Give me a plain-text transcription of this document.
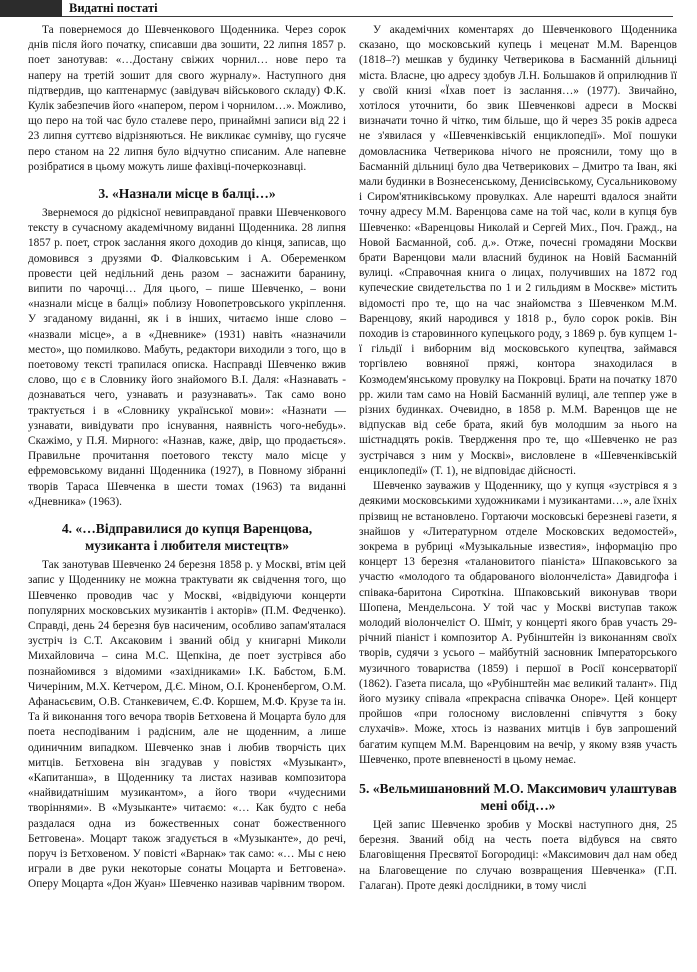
Видатні постаті

Та повернемося до Шевченкового Щоденника. Через сорок днів після його початку, списавши два зошити, 22 липня 1857 р. поет занотував: «…Достану свіжих чорнил… нове перо та наперу на третій зошит для свого журналу». Наступного дня підтвердив, що каптенармус (завідувач військового складу) Ф.К. Кулік забезпечив його «напером, пером і чорнилом…». Можливо, що перо на той час було сталеве перо, принаймні записи від 22 і 23 липня суттєво відрізняються. Не викликає сумніву, що гусяче перо станом на 22 липня було відчутно списаним. Але напевне розібратися в цьому можуть лише фахівці-почеркознавці.

3. «Назнали місце в балці…»

Звернемося до рідкісної невиправданої правки Шевченкового тексту в сучасному академічному виданні Щоденника. 28 липня 1857 р. поет, строк заслання якого доходив до кінця, записав, що домовився з друзями Ф. Фіалковським і А. Обеременком провести цей недільний день разом – заснажити баранину, випити по чарочці… Для цього, – пише Шевченко, – вони «назнали місце в балці» поблизу Новопетровського укріплення. У згаданому виданні, як і в інших, читаємо інше слово – «назвали місце», а в «Дневнике» (1931) навіть «назначили место», що помилково. Мабуть, редактори виходили з того, що в поетовому тексті трапилася описка. Насправді Шевченко вжив слово, що є в Словнику його знайомого В.І. Даля: «Назнавать - дознаваться чего, узнавать и разузнавать». Так само воно трактується і в «Словнику української мови»: «Назнати — узнавати, вивідувати про існування, наявність чого-небудь». Скажімо, у П.Я. Мирного: «Назнав, каже, двір, що продається». Правильне прочитання поетового тексту мало місце у ефремовському виданні Щоденника (1927), в Повному зібранні творів Тараса Шевченка в шести томах (1963) та виданні «Дневника» (1963).

4. «…Відправилися до купця Варенцова, музиканта і любителя мистецтв»

Так занотував Шевченко 24 березня 1858 р. у Москві, втім цей запис у Щоденнику не можна трактувати як свідчення того, що Шевченко проводив час у Москві, «відвідуючи концерти популярних московських музикантів і акторів» (П.М. Федченко). Справді, день 24 березня був насиченим, особливо запам'яталася зустріч із С.Т. Аксаковим і званий обід у книгарні Миколи Михайловича – сина М.С. Щепкіна, де поет зустрівся або познайомився з відомими «західниками» І.К. Бабстом, Б.М. Чичеріним, М.Х. Кетчером, Д.Є. Міном, О.І. Кроненбергом, О.М. Афанасьєвим, О.В. Станкевичем, Є.Ф. Коршем, М.Ф. Крузе та ін. Та й виконання того вечора творів Бетховена й Моцарта було для поета несподіваним і радісним, але не щоденним, а лише одиничним випадком. Шевченко знав і любив творчість цих митців. Бетховена він згадував у повістях «Музыкант», «Капитанша», в Щоденнику та листах називав композитора «найвидатнішим музикантом», а його твори «чудесними творіннями». В «Музыканте» читаємо: «… Как будто с неба раздалася одна из божественных сонат божественного Бетговена». Моцарт також згадується в «Музыканте», до речі, поруч із Бетховеном. У повісті «Варнак» так само: «… Мы с нею играли в две руки некоторые сонаты Моцарта и Бетговена». Оперу Моцарта «Дон Жуан» Шевченко називав чарівним твором.

У академічних коментарях до Шевченкового Щоденника сказано, що московський купець і меценат М.М. Варенцов (1818–?) мешкав у будинку Четверикова в Басманній дільниці міста. Власне, цю адресу здобув Л.Н. Большаков й оприлюднив її у своїй книзі «Їхав поет із заслання…» (1977). Звичайно, хотілося уточнити, бо звик Шевченкові адреси в Москві визначати точно й чітко, тим більше, що й через 35 років адреса не з'явилася у «Шевченківській енциклопедії». Мої пошуки домовласника Четверикова нічого не прояснили, тому що в Басманній дільниці було два Четверикових – Дмитро та Іван, які мали будинки в Вознесенському, Денисівському, Сусальниковому і Сиром'ятниківському провулках. Але нарешті вдалося знайти точну адресу М.М. Варенцова саме на той час, коли в купця був Шевченко: «Варенцовы Николай и Сергей Мих., Поч. Гражд., на Новой Басманной, соб. д.». Отже, почесні громадяни Москви брати Варенцови мали власний будинок на Новій Басманній вулиці. «Справочная книга о лицах, получивших на 1872 год купеческие свидетельства по 1 и 2 гильдиям в Москве» містить відомості про те, що на час знайомства з Шевченком М.М. Варенцову, який народився у 1818 р., було сорок років. Він походив із старовинного купецького роду, з 1869 р. був купцем 1-ї гільдії і виборним від московського купецтва, займався торгівлею вовняної пряжі, контора знаходилася в Козмодем'янському провулку на Покровці. Брати на початку 1870 рр. жили там само на Новій Басманній вулиці, але теппер уже в різних будинках. Очевидно, в 1858 р. М.М. Варенцов ще не відпускав від себе брата, який був молодшим за нього на шістнадцять років. Твердження про те, що «Шевченко не раз зустрічався з ним у Москві», висловлене в «Шевченківській енциклопедії» (Т. 1), не відповідає дійсності.

Шевченко зауважив у Щоденнику, що у купця «зустрівся я з деякими московськими художниками і музикантами…», але їхніх прізвищ не встановлено. Гортаючи московські березневі газети, я знайшов у «Литературном отделе Московских ведомостей», зокрема в рубриці «Музыкальные известия», інформацію про концерт 13 березня «талановитого піаніста» Шпаковського за участю «молодого та обдарованого віолончеліста» Давидгофа і співака-баритона Сироткіна. Шпаковський виконував твори Шопена, Мендельсона. У той час у Москві виступав також молодий віолончеліст О. Шміт, у концерті якого брав участь 29-річний піаніст і композитор А. Рубінштейн із виконанням своїх творів, судячи з усього – майбутній засновник Імператорського музичного товариства (1859) і першої в Росії консерваторії (1862). Газета писала, що «Рубінштейн має великий талант». Під його музику співала «прекрасна співачка Оноре». Цей концерт пройшов «при голосному висловленні співчуття з боку слухачів». Може, хтось із названих митців і був запрошений багатим купцем М.М. Варенцовим на вечір, у якому взяв участь Шевченко, проте впевненості в цьому немає.

5. «Вельмишановний М.О. Максимович улаштував мені обід…»

Цей запис Шевченко зробив у Москві наступного дня, 25 березня. Званий обід на честь поета відбувся на свято Благовіщення Пресвятої Богородиці: «Максимович дал нам обед на Благовещение по случаю возвращения Шевченка» (Г.П. Галаган). Проте деякі дослідники, в тому числі
